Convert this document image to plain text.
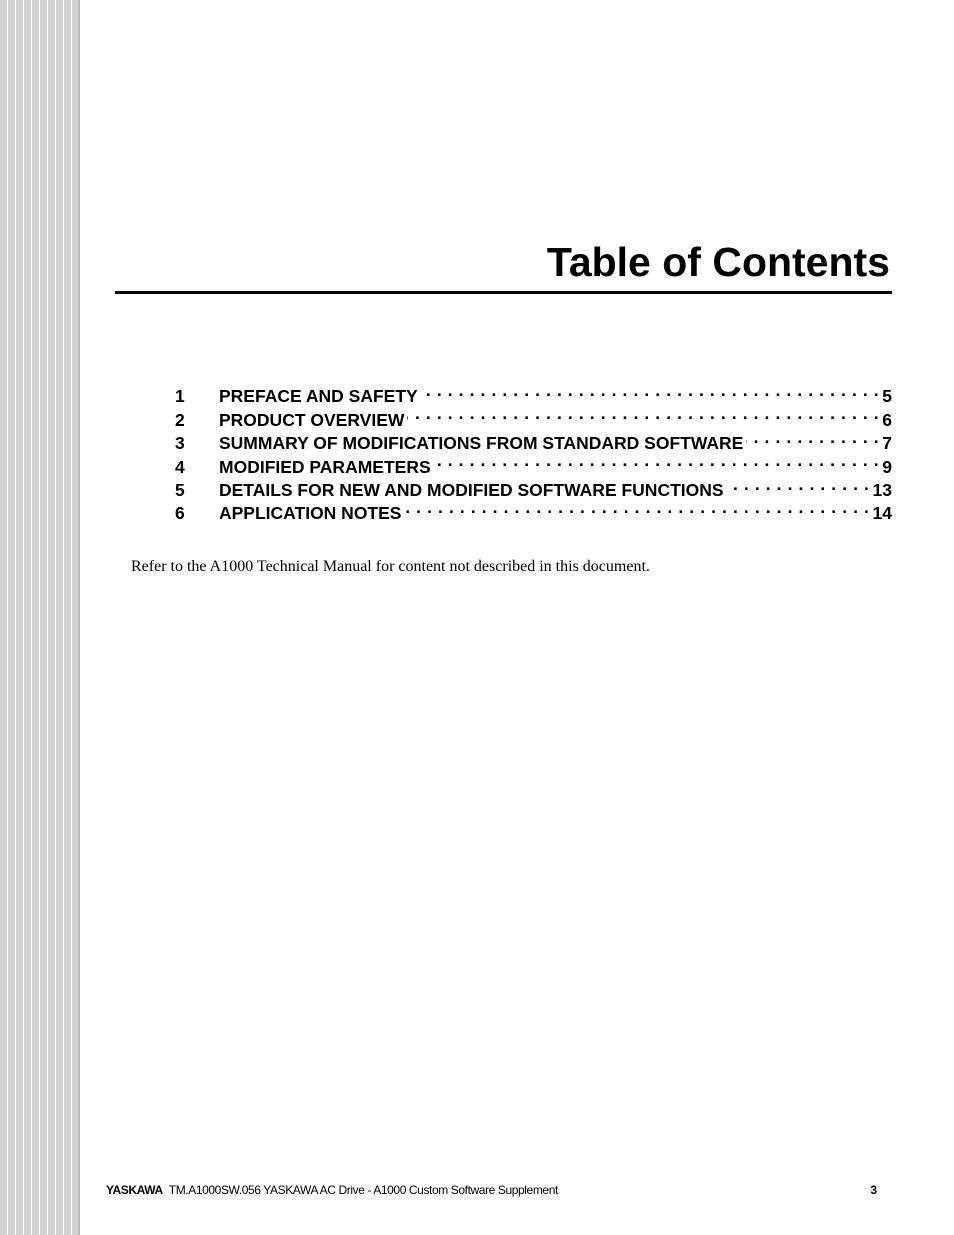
Table of Contents
1	PREFACE AND SAFETY . . .	5
2	PRODUCT OVERVIEW . . .	6
3	SUMMARY OF MODIFICATIONS FROM STANDARD SOFTWARE . . .	7
4	MODIFIED PARAMETERS . . .	9
5	DETAILS FOR NEW AND MODIFIED SOFTWARE FUNCTIONS . . .	13
6	APPLICATION NOTES . . .	14

Refer to the A1000 Technical Manual for content not described in this document.

YASKAWA TM.A1000SW.056 YASKAWA AC Drive - A1000 Custom Software Supplement	3
